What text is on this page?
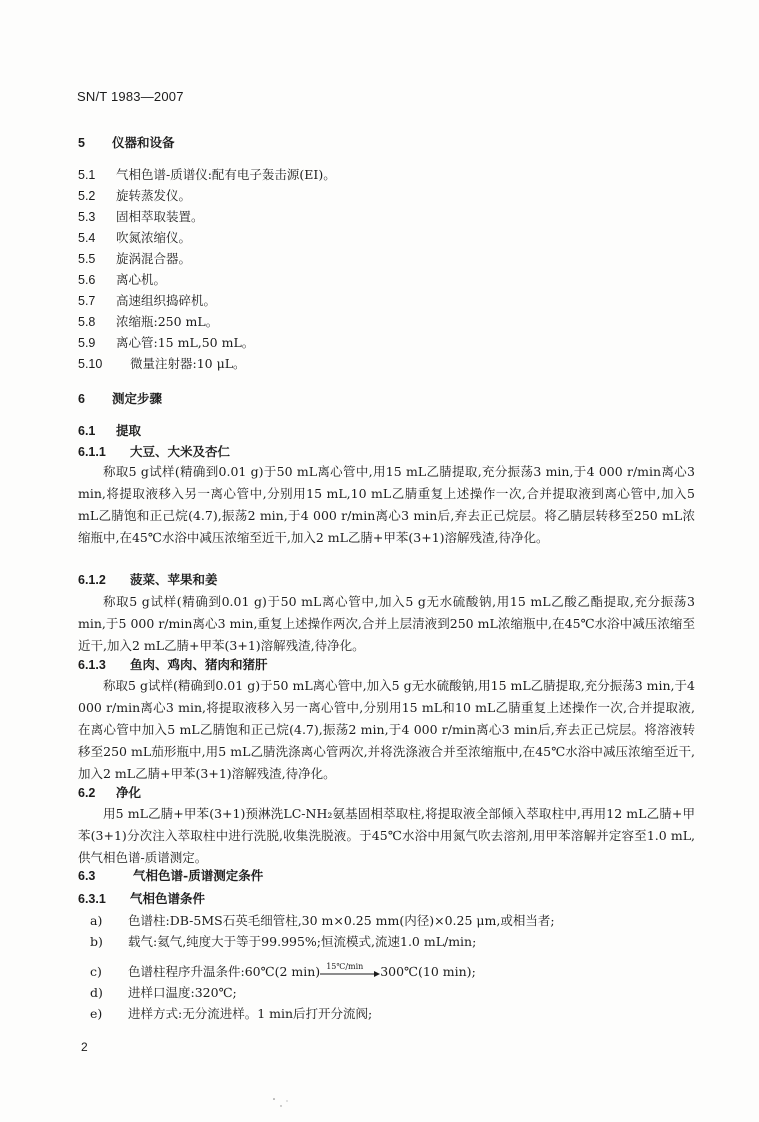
SN/T 1983—2007
5 仪器和设备
5.1 气相色谱-质谱仪:配有电子轰击源(EI)。
5.2 旋转蒸发仪。
5.3 固相萃取装置。
5.4 吹氮浓缩仪。
5.5 旋涡混合器。
5.6 离心机。
5.7 高速组织捣碎机。
5.8 浓缩瓶:250 mL。
5.9 离心管:15 mL,50 mL。
5.10 微量注射器:10 μL。
6 测定步骤
6.1 提取
6.1.1 大豆、大米及杏仁
称取5 g试样(精确到0.01 g)于50 mL离心管中,用15 mL乙腈提取,充分振荡3 min,于4 000 r/min离心3 min,将提取液移入另一离心管中,分别用15 mL,10 mL乙腈重复上述操作一次,合并提取液到离心管中,加入5 mL乙腈饱和正己烷(4.7),振荡2 min,于4 000 r/min离心3 min后,弃去正己烷层。将乙腈层转移至250 mL浓缩瓶中,在45℃水浴中减压浓缩至近干,加入2 mL乙腈+甲苯(3+1)溶解残渣,待净化。
6.1.2 菠菜、苹果和姜
称取5 g试样(精确到0.01 g)于50 mL离心管中,加入5 g无水硫酸钠,用15 mL乙酸乙酯提取,充分振荡3 min,于5 000 r/min离心3 min,重复上述操作两次,合并上层清液到250 mL浓缩瓶中,在45℃水浴中减压浓缩至近干,加入2 mL乙腈+甲苯(3+1)溶解残渣,待净化。
6.1.3 鱼肉、鸡肉、猪肉和猪肝
称取5 g试样(精确到0.01 g)于50 mL离心管中,加入5 g无水硫酸钠,用15 mL乙腈提取,充分振荡3 min,于4 000 r/min离心3 min,将提取液移入另一离心管中,分别用15 mL和10 mL乙腈重复上述操作一次,合并提取液,在离心管中加入5 mL乙腈饱和正己烷(4.7),振荡2 min,于4 000 r/min离心3 min后,弃去正己烷层。将溶液转移至250 mL茄形瓶中,用5 mL乙腈洗涤离心管两次,并将洗涤液合并至浓缩瓶中,在45℃水浴中减压浓缩至近干,加入2 mL乙腈+甲苯(3+1)溶解残渣,待净化。
6.2 净化
用5 mL乙腈+甲苯(3+1)预淋洗LC-NH₂氨基固相萃取柱,将提取液全部倾入萃取柱中,再用12 mL乙腈+甲苯(3+1)分次注入萃取柱中进行洗脱,收集洗脱液。于45℃水浴中用氮气吹去溶剂,用甲苯溶解并定容至1.0 mL,供气相色谱-质谱测定。
6.3	气相色谱-质谱测定条件
6.3.1 气相色谱条件
a) 色谱柱:DB-5MS石英毛细管柱,30 m×0.25 mm(内径)×0.25 μm,或相当者;
b) 载气:氦气,纯度大于等于99.995%;恒流模式,流速1.0 mL/min;
c) 色谱柱程序升温条件:60℃(2 min) 15℃/min 300℃(10 min);
d) 进样口温度:320℃;
e) 进样方式:无分流进样。1 min后打开分流阀;
2
